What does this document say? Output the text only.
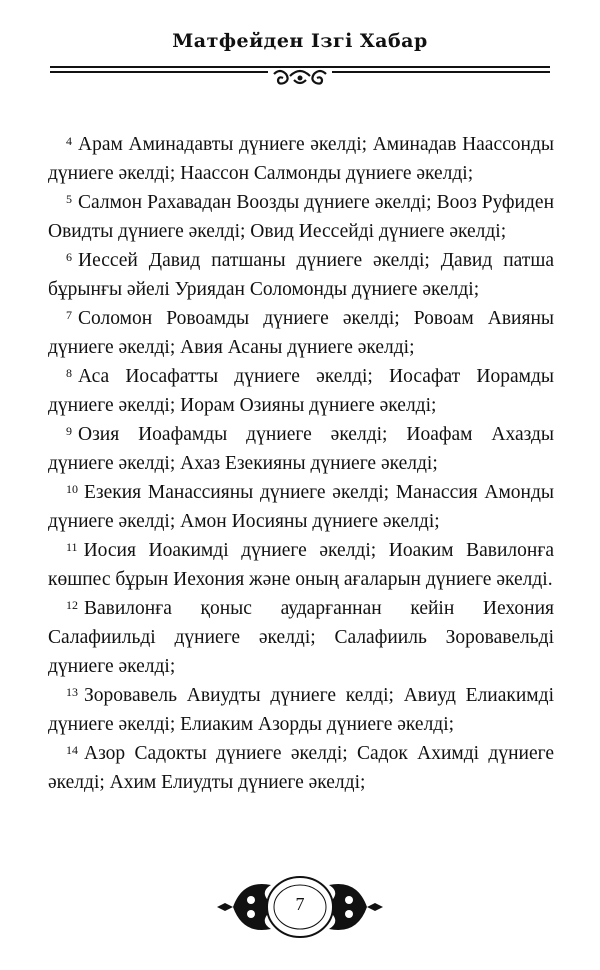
Матфейден Ізгі Хабар

$^4$ Арам Аминадавты дүниеге әкелді; Аминадав Наассонды дүниеге әкелді; Наассон Салмонды дүниеге әкелді;

$^5$ Салмон Рахавадан Воозды дүниеге әкелді; Вооз Руфиден Овидты дүниеге әкелді; Овид Иессейді дүниеге әкелді;

$^6$ Иессей Давид патшаны дүниеге әкелді; Давид патша бұрынғы әйелі Уриядан Соломонды дүниеге әкелді;

$^7$ Соломон Ровоамды дүниеге әкелді; Ровоам Авияны дүниеге әкелді; Авия Асаны дүниеге әкелді;

$^8$ Аса Иосафатты дүниеге әкелді; Иосафат Иорамды дүниеге әкелді; Иорам Озияны дүниеге әкелді;

$^9$ Озия Иоафамды дүниеге әкелді; Иоафам Ахазды дүниеге әкелді; Ахаз Езекияны дүниеге әкелді;

$^{10}$ Езекия Манассияны дүниеге әкелді; Манассия Амонды дүниеге әкелді; Амон Иосияны дүниеге әкелді;

$^{11}$ Иосия Иоакимді дүниеге әкелді; Иоаким Вавилонға көшпес бұрын Иехония және оның ағаларын дүниеге әкелді.

$^{12}$ Вавилонға қоныс аударғаннан кейін Иехония Салафиильді дүниеге әкелді; Салафииль Зоровавельді дүниеге әкелді;

$^{13}$ Зоровавель Авиудты дүниеге келді; Авиуд Елиакимді дүниеге әкелді; Елиаким Азорды дүниеге әкелді;

$^{14}$ Азор Садокты дүниеге әкелді; Садок Ахимді дүниеге әкелді; Ахим Елиудты дүниеге әкелді;

7
